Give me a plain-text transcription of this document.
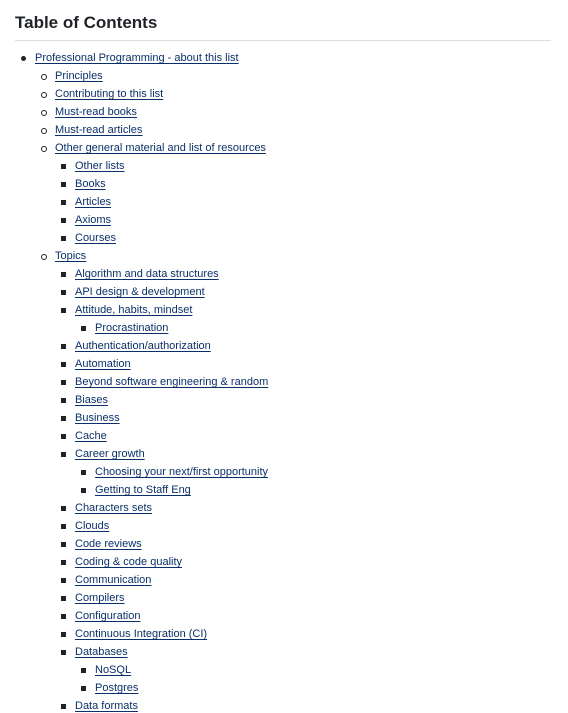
Table of Contents
Professional Programming - about this list
Principles
Contributing to this list
Must-read books
Must-read articles
Other general material and list of resources
Other lists
Books
Articles
Axioms
Courses
Topics
Algorithm and data structures
API design & development
Attitude, habits, mindset
Procrastination
Authentication/authorization
Automation
Beyond software engineering & random
Biases
Business
Cache
Career growth
Choosing your next/first opportunity
Getting to Staff Eng
Characters sets
Clouds
Code reviews
Coding & code quality
Communication
Compilers
Configuration
Continuous Integration (CI)
Databases
NoSQL
Postgres
Data formats
